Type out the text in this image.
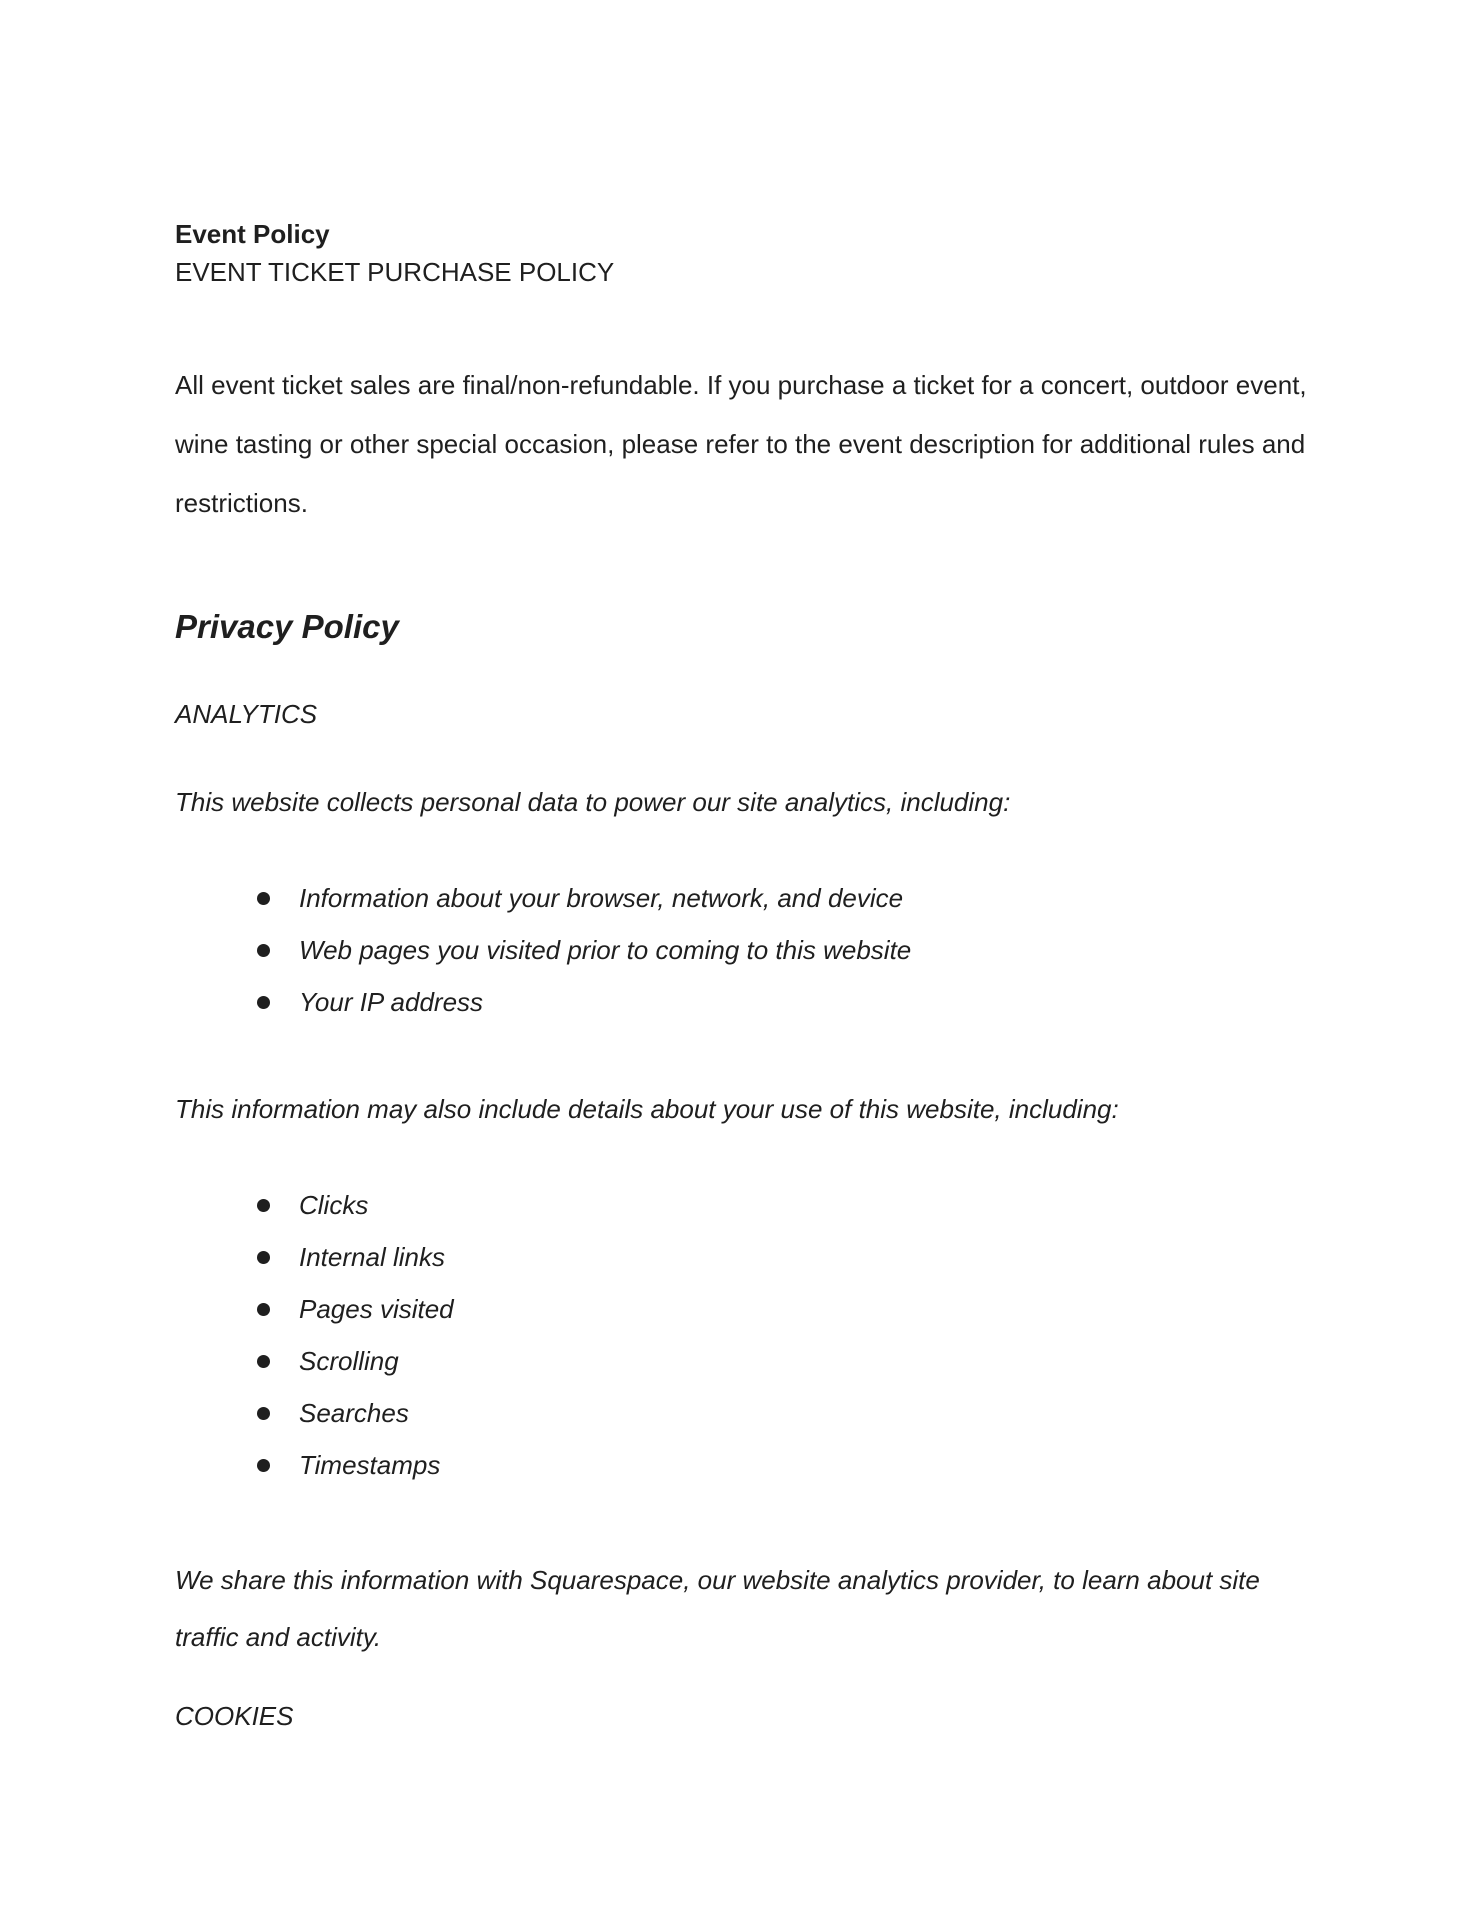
Event Policy

EVENT TICKET PURCHASE POLICY

All event ticket sales are final/non-refundable. If you purchase a ticket for a concert, outdoor event, wine tasting or other special occasion, please refer to the event description for additional rules and restrictions.

Privacy Policy

ANALYTICS

This website collects personal data to power our site analytics, including:

Information about your browser, network, and device
Web pages you visited prior to coming to this website
Your IP address

This information may also include details about your use of this website, including:

Clicks
Internal links
Pages visited
Scrolling
Searches
Timestamps

We share this information with Squarespace, our website analytics provider, to learn about site traffic and activity.

COOKIES
